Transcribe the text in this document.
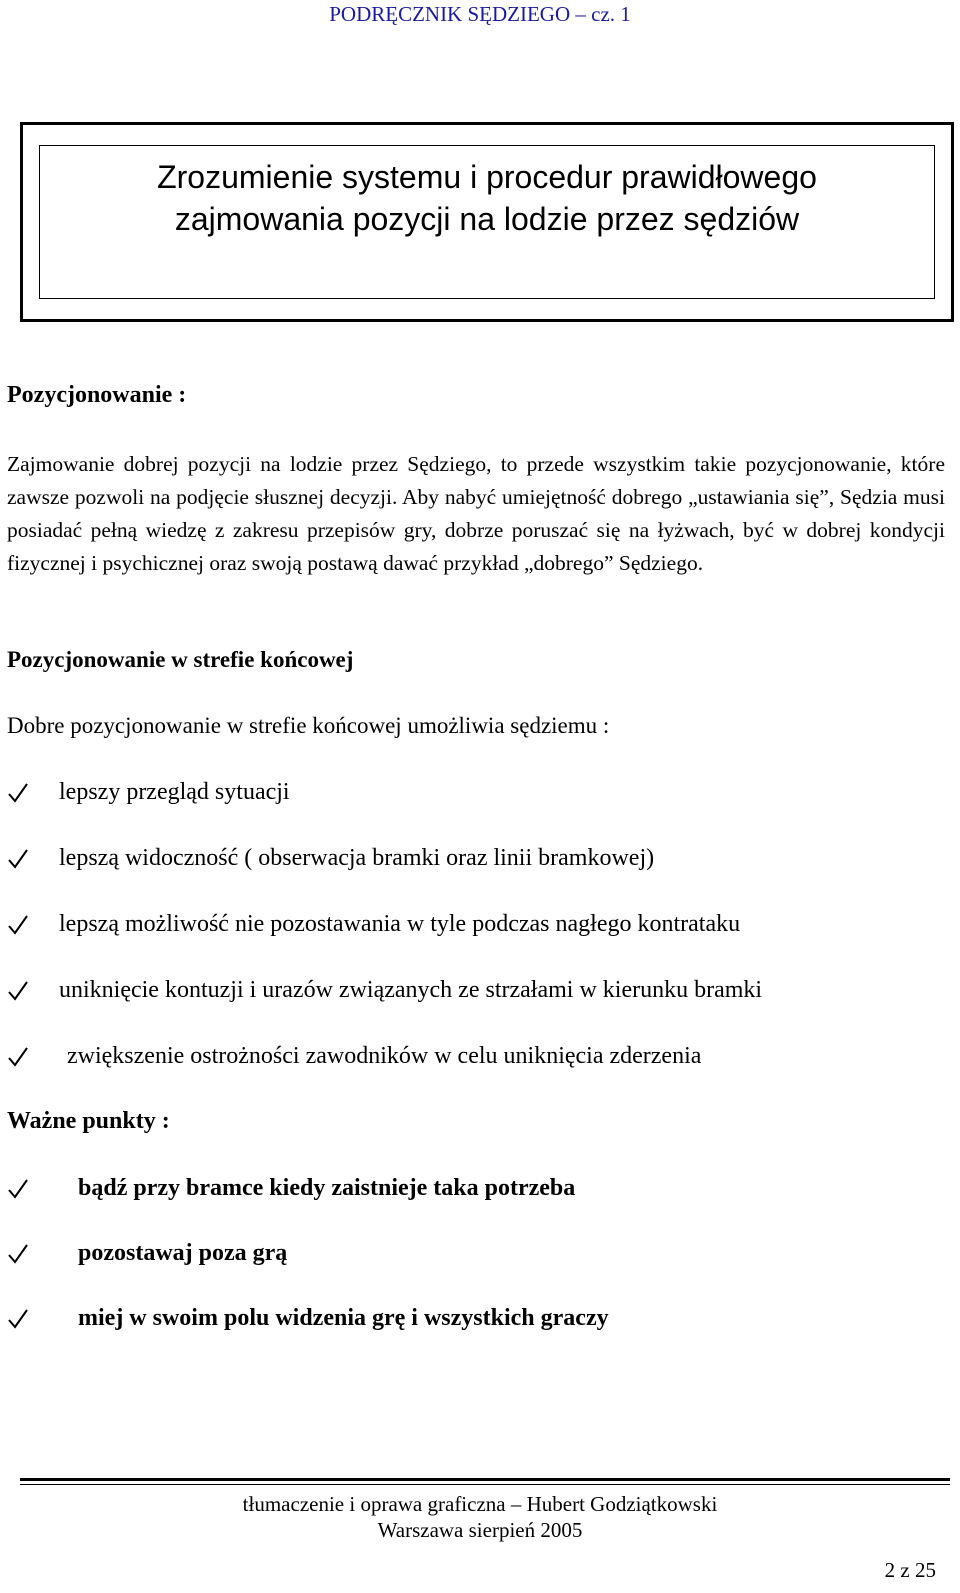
PODRĘCZNIK SĘDZIEGO – cz. 1
Zrozumienie systemu i procedur prawidłowego
zajmowania pozycji na lodzie przez sędziów
Pozycjonowanie :
Zajmowanie dobrej pozycji na lodzie przez Sędziego, to przede wszystkim takie pozycjonowanie, które zawsze pozwoli na podjęcie słusznej decyzji. Aby nabyć umiejętność dobrego „ustawiania się”, Sędzia musi posiadać pełną wiedzę z zakresu przepisów gry, dobrze poruszać się na łyżwach, być w dobrej kondycji fizycznej i psychicznej oraz swoją postawą dawać przykład „dobrego” Sędziego.
Pozycjonowanie w strefie końcowej
Dobre pozycjonowanie w strefie końcowej umożliwia sędziemu :
lepszy przegląd sytuacji
lepszą widoczność ( obserwacja bramki oraz linii bramkowej)
lepszą możliwość nie pozostawania w tyle podczas nagłego kontrataku
uniknięcie kontuzji i urazów związanych ze strzałami w kierunku bramki
zwiększenie ostrożności zawodników w celu uniknięcia zderzenia
Ważne punkty :
bądź przy bramce kiedy zaistnieje taka potrzeba
pozostawaj poza grą
miej w swoim polu widzenia grę i wszystkich graczy
tłumaczenie i oprawa graficzna – Hubert Godziątkowski
Warszawa sierpień 2005
2 z 25
